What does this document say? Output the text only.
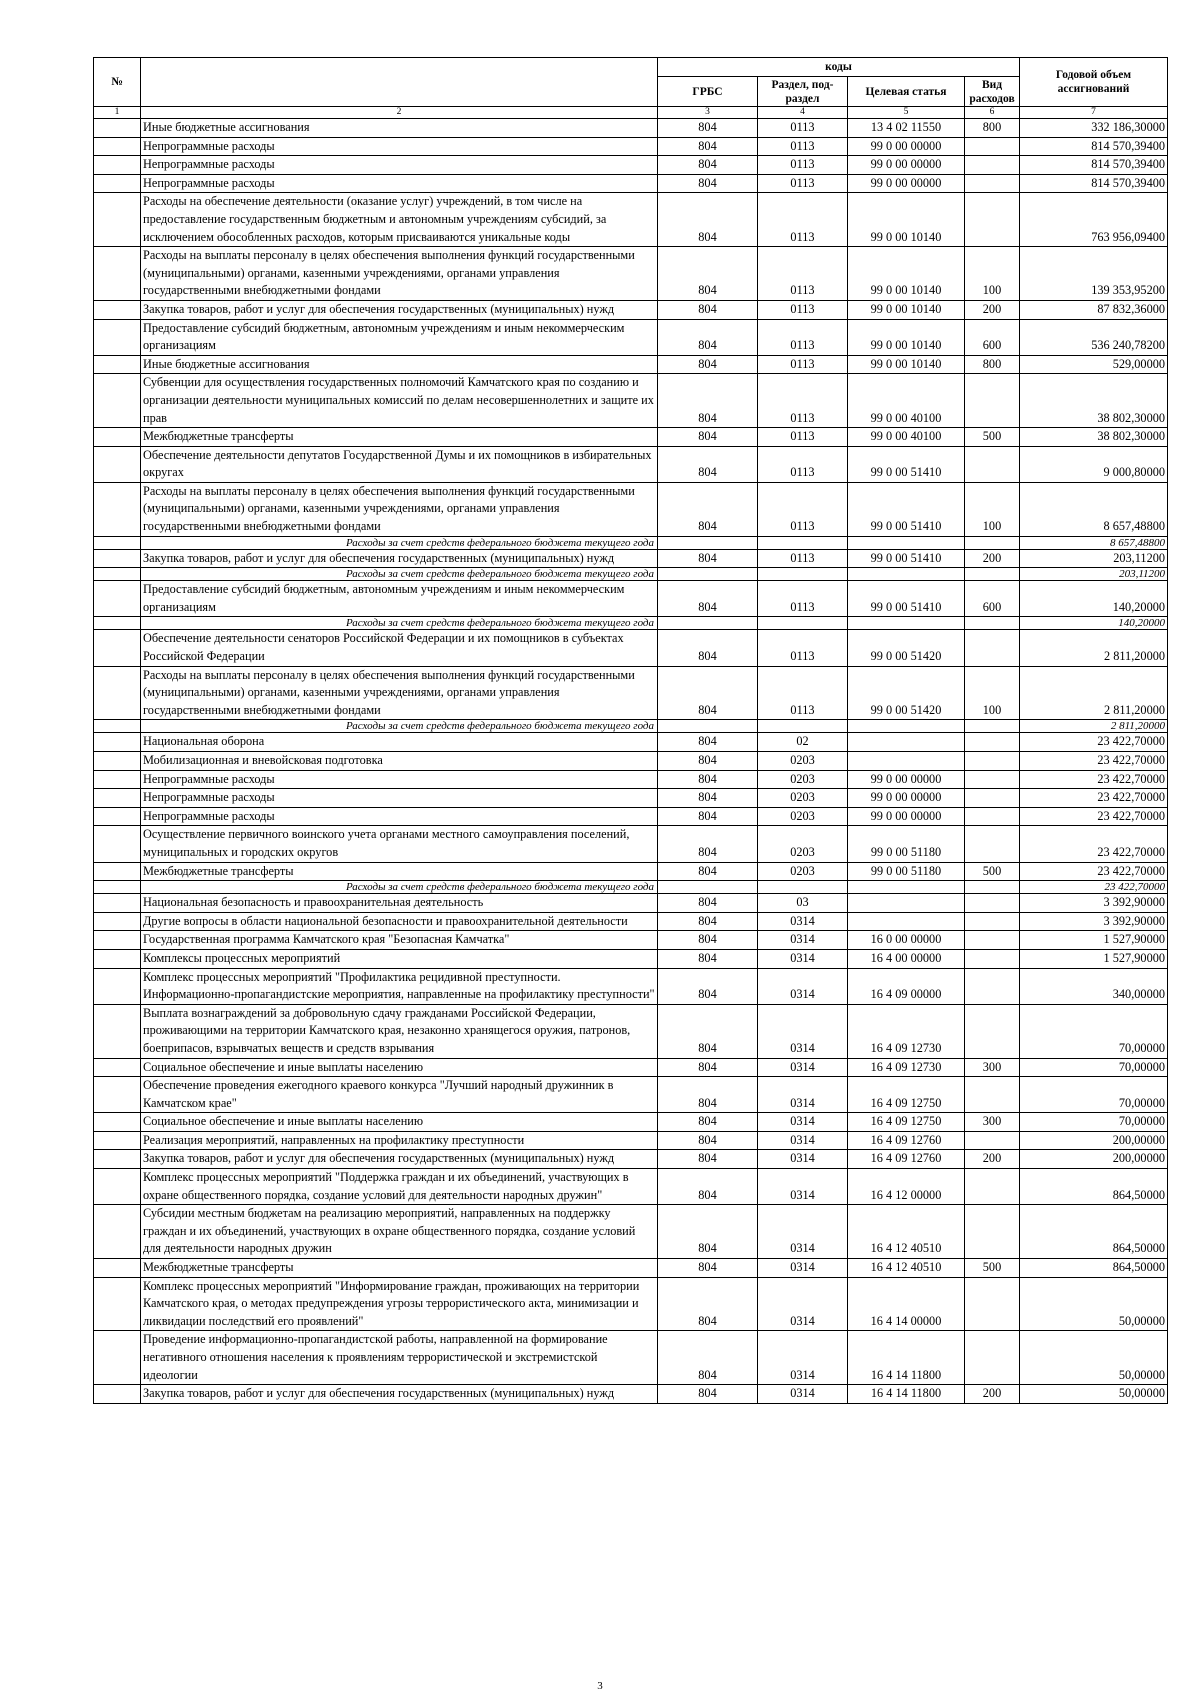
№		коды				Годовой объем ассигнований
		ГРБС	Раздел, под-раздел	Целевая статья	Вид расходов	
1	2	3	4	5	6	7
	Иные бюджетные ассигнования	804	0113	13 4 02 11550	800	332 186,30000
	Непрограммные расходы	804	0113	99 0 00 00000		814 570,39400
	Непрограммные расходы	804	0113	99 0 00 00000		814 570,39400
	Непрограммные расходы	804	0113	99 0 00 00000		814 570,39400
	Расходы на обеспечение деятельности (оказание услуг) учреждений, в том числе на предоставление государственным бюджетным и автономным учреждениям субсидий, за исключением обособленных расходов, которым присваиваются уникальные коды	804	0113	99 0 00 10140		763 956,09400
	Расходы на выплаты персоналу в целях обеспечения выполнения функций государственными (муниципальными) органами, казенными учреждениями, органами управления государственными внебюджетными фондами	804	0113	99 0 00 10140	100	139 353,95200
	Закупка товаров, работ и услуг для обеспечения государственных (муниципальных) нужд	804	0113	99 0 00 10140	200	87 832,36000
	Предоставление субсидий бюджетным, автономным учреждениям и иным некоммерческим организациям	804	0113	99 0 00 10140	600	536 240,78200
	Иные бюджетные ассигнования	804	0113	99 0 00 10140	800	529,00000
	Субвенции для осуществления государственных полномочий Камчатского края по созданию и организации деятельности муниципальных комиссий по делам несовершеннолетних и защите их прав	804	0113	99 0 00 40100		38 802,30000
	Межбюджетные трансферты	804	0113	99 0 00 40100	500	38 802,30000
	Обеспечение деятельности депутатов Государственной Думы и их помощников в избирательных округах	804	0113	99 0 00 51410		9 000,80000
	Расходы на выплаты персоналу в целях обеспечения выполнения функций государственными (муниципальными) органами, казенными учреждениями, органами управления государственными внебюджетными фондами	804	0113	99 0 00 51410	100	8 657,48800
	Расходы за счет средств федерального бюджета текущего года					8 657,48800
	Закупка товаров, работ и услуг для обеспечения государственных (муниципальных) нужд	804	0113	99 0 00 51410	200	203,11200
	Расходы за счет средств федерального бюджета текущего года					203,11200
	Предоставление субсидий бюджетным, автономным учреждениям и иным некоммерческим организациям	804	0113	99 0 00 51410	600	140,20000
	Расходы за счет средств федерального бюджета текущего года					140,20000
	Обеспечение деятельности сенаторов Российской Федерации и их помощников в субъектах Российской Федерации	804	0113	99 0 00 51420		2 811,20000
	Расходы на выплаты персоналу в целях обеспечения выполнения функций государственными (муниципальными) органами, казенными учреждениями, органами управления государственными внебюджетными фондами	804	0113	99 0 00 51420	100	2 811,20000
	Расходы за счет средств федерального бюджета текущего года					2 811,20000
	Национальная оборона	804	02			23 422,70000
	Мобилизационная и вневойсковая подготовка	804	0203			23 422,70000
	Непрограммные расходы	804	0203	99 0 00 00000		23 422,70000
	Непрограммные расходы	804	0203	99 0 00 00000		23 422,70000
	Непрограммные расходы	804	0203	99 0 00 00000		23 422,70000
	Осуществление первичного воинского учета органами местного самоуправления поселений, муниципальных и городских округов	804	0203	99 0 00 51180		23 422,70000
	Межбюджетные трансферты	804	0203	99 0 00 51180	500	23 422,70000
	Расходы за счет средств федерального бюджета текущего года					23 422,70000
	Национальная безопасность и правоохранительная деятельность	804	03			3 392,90000
	Другие вопросы в области национальной безопасности и правоохранительной деятельности	804	0314			3 392,90000
	Государственная программа Камчатского края "Безопасная Камчатка"	804	0314	16 0 00 00000		1 527,90000
	Комплексы процессных мероприятий	804	0314	16 4 00 00000		1 527,90000
	Комплекс процессных мероприятий "Профилактика рецидивной преступности. Информационно-пропагандистские мероприятия, направленные на профилактику преступности"	804	0314	16 4 09 00000		340,00000
	Выплата вознаграждений за добровольную сдачу гражданами Российской Федерации, проживающими на территории Камчатского края, незаконно хранящегося оружия, патронов, боеприпасов, взрывчатых веществ и средств взрывания	804	0314	16 4 09 12730		70,00000
	Социальное обеспечение и иные выплаты населению	804	0314	16 4 09 12730	300	70,00000
	Обеспечение проведения ежегодного краевого конкурса "Лучший народный дружинник в Камчатском крае"	804	0314	16 4 09 12750		70,00000
	Социальное обеспечение и иные выплаты населению	804	0314	16 4 09 12750	300	70,00000
	Реализация мероприятий, направленных на профилактику преступности	804	0314	16 4 09 12760		200,00000
	Закупка товаров, работ и услуг для обеспечения государственных (муниципальных) нужд	804	0314	16 4 09 12760	200	200,00000
	Комплекс процессных мероприятий "Поддержка граждан и их объединений, участвующих в охране общественного порядка, создание условий для деятельности народных дружин"	804	0314	16 4 12 00000		864,50000
	Субсидии местным бюджетам на реализацию мероприятий, направленных на поддержку граждан и их объединений, участвующих в охране общественного порядка, создание условий для деятельности народных дружин	804	0314	16 4 12 40510		864,50000
	Межбюджетные трансферты	804	0314	16 4 12 40510	500	864,50000
	Комплекс процессных мероприятий "Информирование граждан, проживающих на территории Камчатского края, о методах предупреждения угрозы террористического акта, минимизации и ликвидации последствий его проявлений"	804	0314	16 4 14 00000		50,00000
	Проведение информационно-пропагандистской работы, направленной на формирование негативного отношения населения к проявлениям террористической и экстремистской идеологии	804	0314	16 4 14 11800		50,00000
	Закупка товаров, работ и услуг для обеспечения государственных (муниципальных) нужд	804	0314	16 4 14 11800	200	50,00000
3
